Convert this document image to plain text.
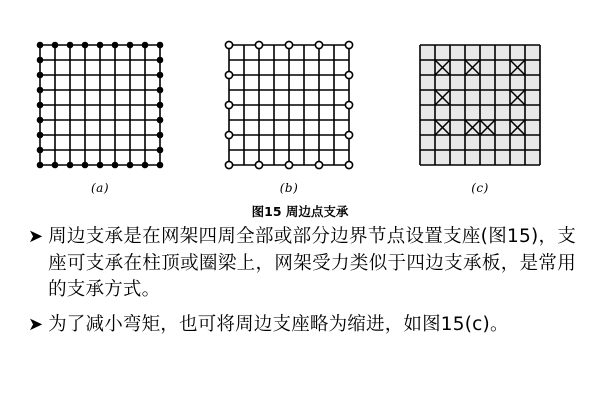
(a)	(b)	(c)
图15 周边点支承
➤ 周边支承是在网架四周全部或部分边界节点设置支座(图15)，支座可支承在柱顶或圈梁上，网架受力类似于四边支承板，是常用的支承方式。
➤ 为了减小弯矩，也可将周边支座略为缩进，如图15(c)。
